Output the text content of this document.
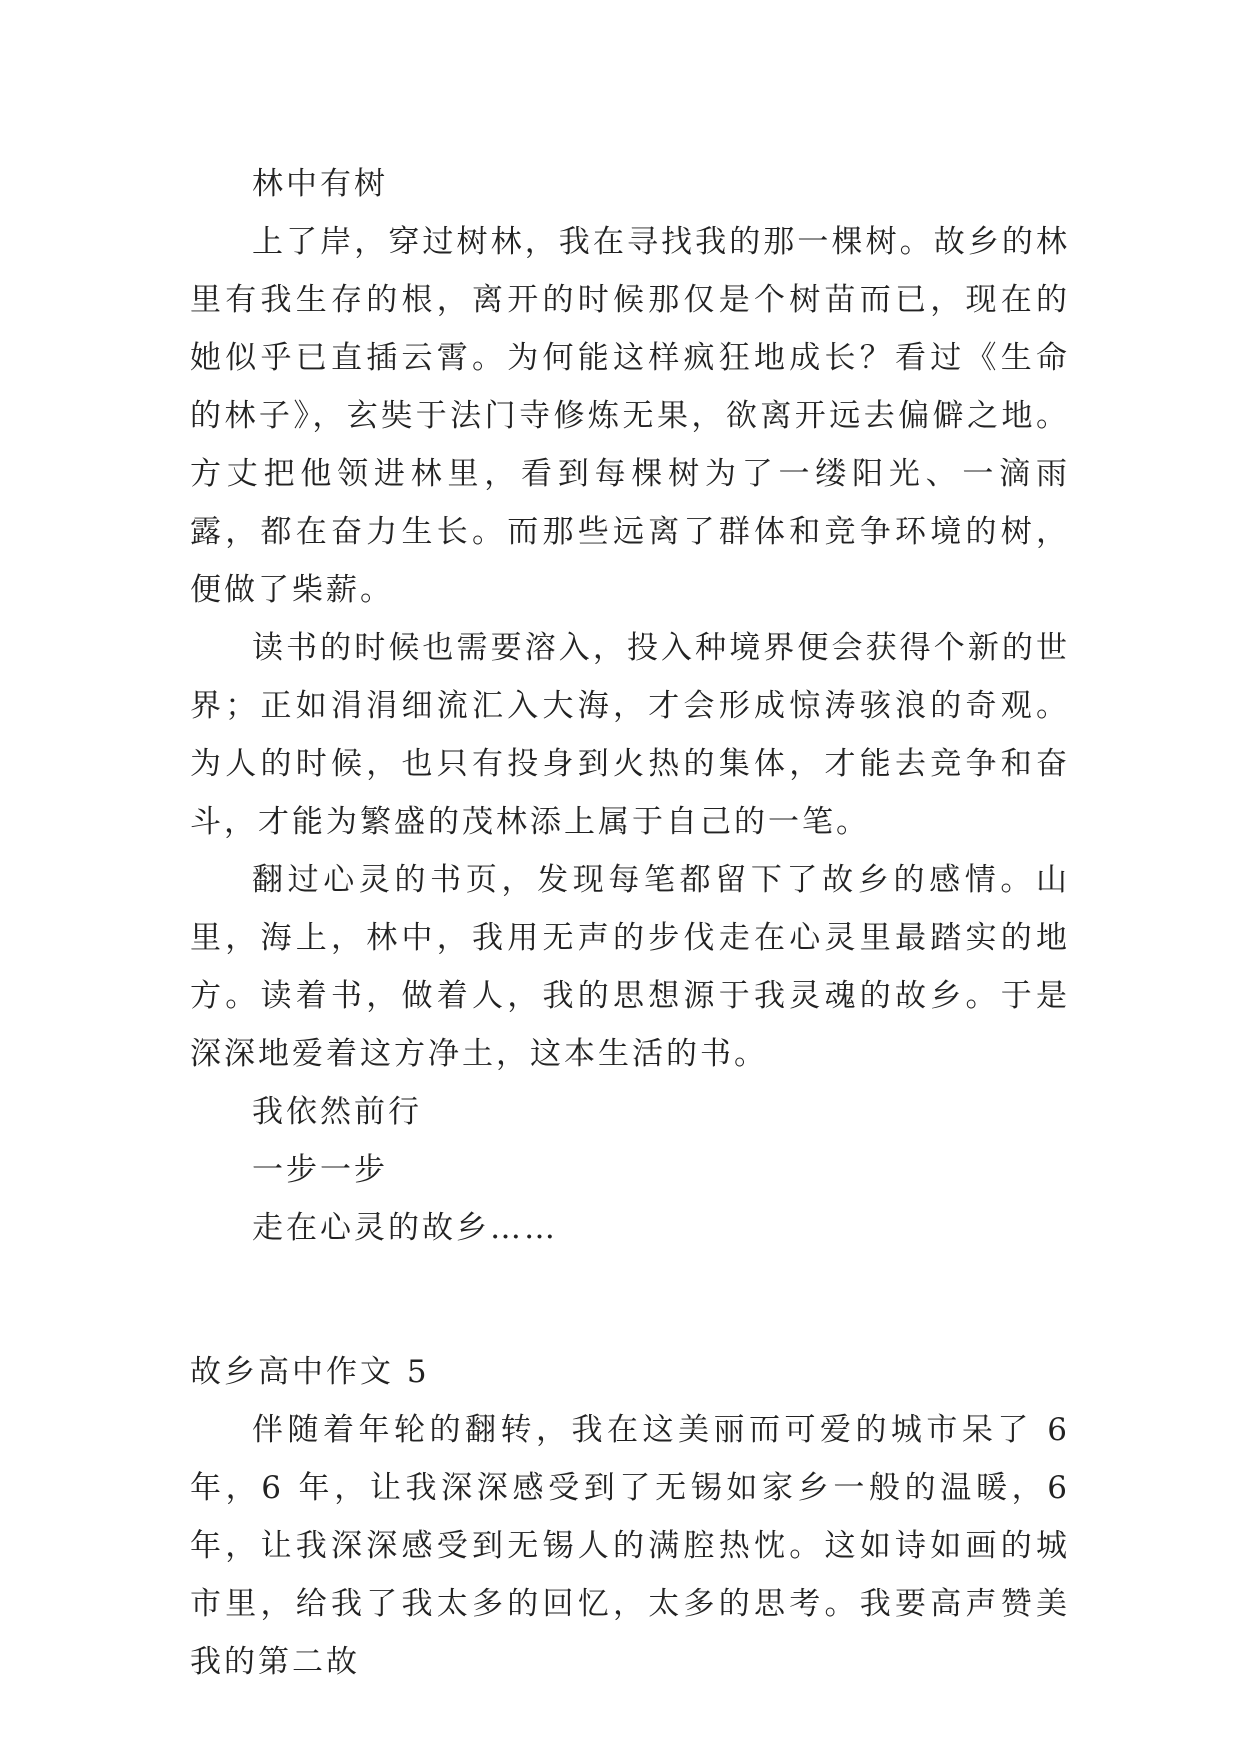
林中有树

上了岸，穿过树林，我在寻找我的那一棵树。故乡的林里有我生存的根，离开的时候那仅是个树苗而已，现在的她似乎已直插云霄。为何能这样疯狂地成长？看过《生命的林子》，玄奘于法门寺修炼无果，欲离开远去偏僻之地。方丈把他领进林里，看到每棵树为了一缕阳光、一滴雨露，都在奋力生长。而那些远离了群体和竞争环境的树，便做了柴薪。

读书的时候也需要溶入，投入种境界便会获得个新的世界；正如涓涓细流汇入大海，才会形成惊涛骇浪的奇观。为人的时候，也只有投身到火热的集体，才能去竞争和奋斗，才能为繁盛的茂林添上属于自己的一笔。

翻过心灵的书页，发现每笔都留下了故乡的感情。山里，海上，林中，我用无声的步伐走在心灵里最踏实的地方。读着书，做着人，我的思想源于我灵魂的故乡。于是深深地爱着这方净土，这本生活的书。

我依然前行

一步一步

走在心灵的故乡……

故乡高中作文 5

伴随着年轮的翻转，我在这美丽而可爱的城市呆了 6 年，6 年，让我深深感受到了无锡如家乡一般的温暖，6 年，让我深深感受到无锡人的满腔热忱。这如诗如画的城市里，给我了我太多的回忆，太多的思考。我要高声赞美我的第二故
